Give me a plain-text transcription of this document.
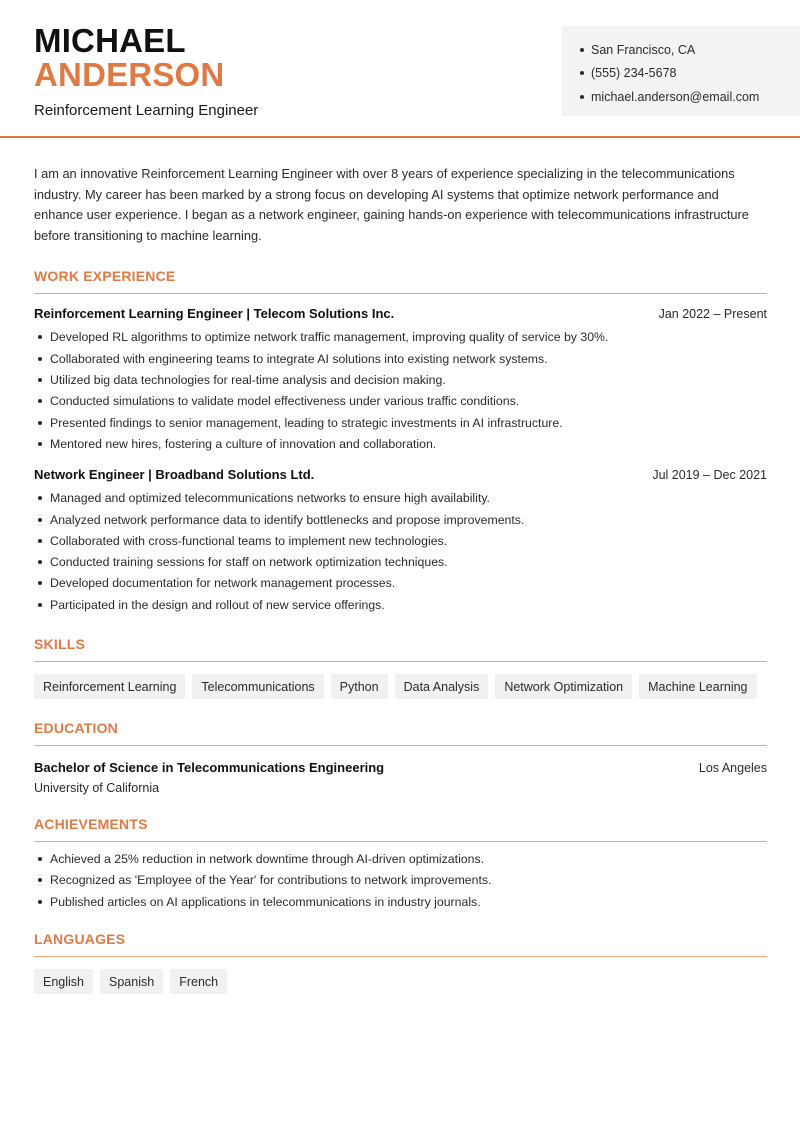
MICHAEL
ANDERSON
Reinforcement Learning Engineer
San Francisco, CA
(555) 234-5678
michael.anderson@email.com

I am an innovative Reinforcement Learning Engineer with over 8 years of experience specializing in the telecommunications industry. My career has been marked by a strong focus on developing AI systems that optimize network performance and enhance user experience. I began as a network engineer, gaining hands-on experience with telecommunications infrastructure before transitioning to machine learning.

WORK EXPERIENCE
Reinforcement Learning Engineer | Telecom Solutions Inc.	Jan 2022 – Present
Developed RL algorithms to optimize network traffic management, improving quality of service by 30%.
Collaborated with engineering teams to integrate AI solutions into existing network systems.
Utilized big data technologies for real-time analysis and decision making.
Conducted simulations to validate model effectiveness under various traffic conditions.
Presented findings to senior management, leading to strategic investments in AI infrastructure.
Mentored new hires, fostering a culture of innovation and collaboration.
Network Engineer | Broadband Solutions Ltd.	Jul 2019 – Dec 2021
Managed and optimized telecommunications networks to ensure high availability.
Analyzed network performance data to identify bottlenecks and propose improvements.
Collaborated with cross-functional teams to implement new technologies.
Conducted training sessions for staff on network optimization techniques.
Developed documentation for network management processes.
Participated in the design and rollout of new service offerings.
SKILLS
Reinforcement Learning	Telecommunications	Python	Data Analysis	Network Optimization	Machine Learning
EDUCATION
Bachelor of Science in Telecommunications Engineering	Los Angeles
University of California
ACHIEVEMENTS
Achieved a 25% reduction in network downtime through AI-driven optimizations.
Recognized as 'Employee of the Year' for contributions to network improvements.
Published articles on AI applications in telecommunications in industry journals.
LANGUAGES
English	Spanish	French
